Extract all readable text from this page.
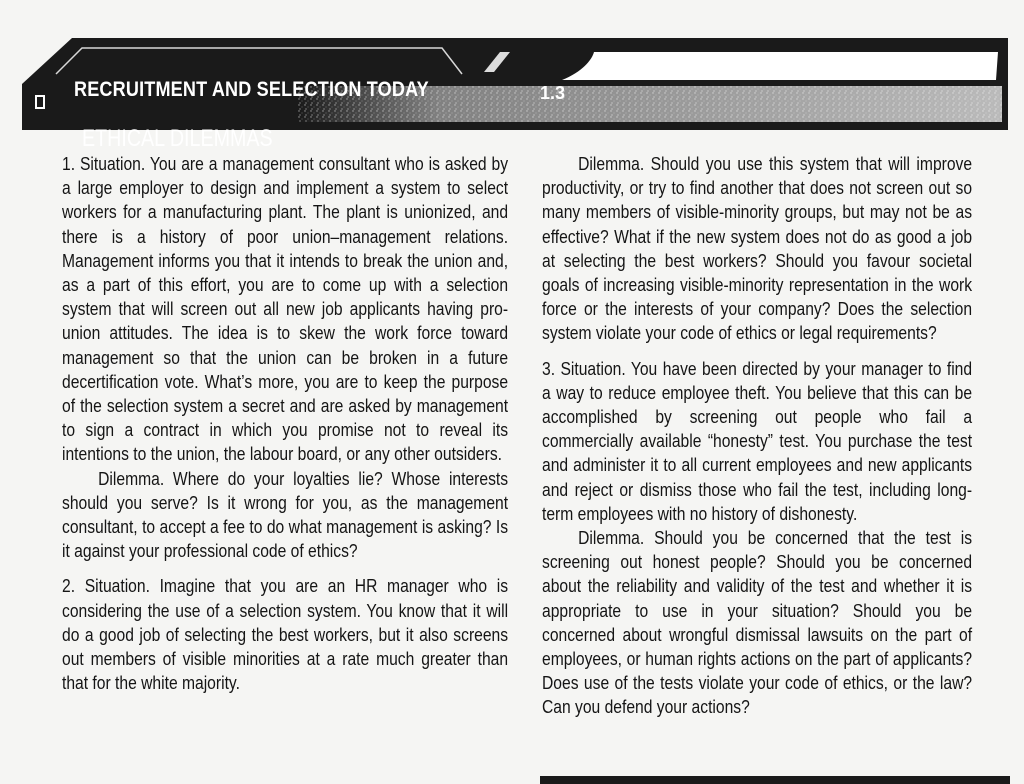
RECRUITMENT AND SELECTION TODAY	1.3
ETHICAL DILEMMAS

1. Situation. You are a management consultant who is asked by a large employer to design and implement a system to select workers for a manufacturing plant. The plant is unionized, and there is a history of poor union–management relations. Management informs you that it intends to break the union and, as a part of this effort, you are to come up with a selection system that will screen out all new job applicants having pro-union attitudes. The idea is to skew the work force toward management so that the union can be broken in a future decertification vote. What’s more, you are to keep the purpose of the selection system a secret and are asked by management to sign a contract in which you promise not to reveal its intentions to the union, the labour board, or any other outsiders.

Dilemma. Where do your loyalties lie? Whose interests should you serve? Is it wrong for you, as the management consultant, to accept a fee to do what management is asking? Is it against your professional code of ethics?

2. Situation. Imagine that you are an HR manager who is considering the use of a selection system. You know that it will do a good job of selecting the best workers, but it also screens out members of visible minorities at a rate much greater than that for the white majority.

Dilemma. Should you use this system that will improve productivity, or try to find another that does not screen out so many members of visible-minority groups, but may not be as effective? What if the new system does not do as good a job at selecting the best workers? Should you favour societal goals of increasing visible-minority representation in the work force or the interests of your company? Does the selection system violate your code of ethics or legal requirements?

3. Situation. You have been directed by your manager to find a way to reduce employee theft. You believe that this can be accomplished by screening out people who fail a commercially available “honesty” test. You purchase the test and administer it to all current employees and new applicants and reject or dismiss those who fail the test, including long-term employees with no history of dishonesty.

Dilemma. Should you be concerned that the test is screening out honest people? Should you be concerned about the reliability and validity of the test and whether it is appropriate to use in your situation? Should you be concerned about wrongful dismissal lawsuits on the part of employees, or human rights actions on the part of applicants? Does use of the tests violate your code of ethics, or the law? Can you defend your actions?
